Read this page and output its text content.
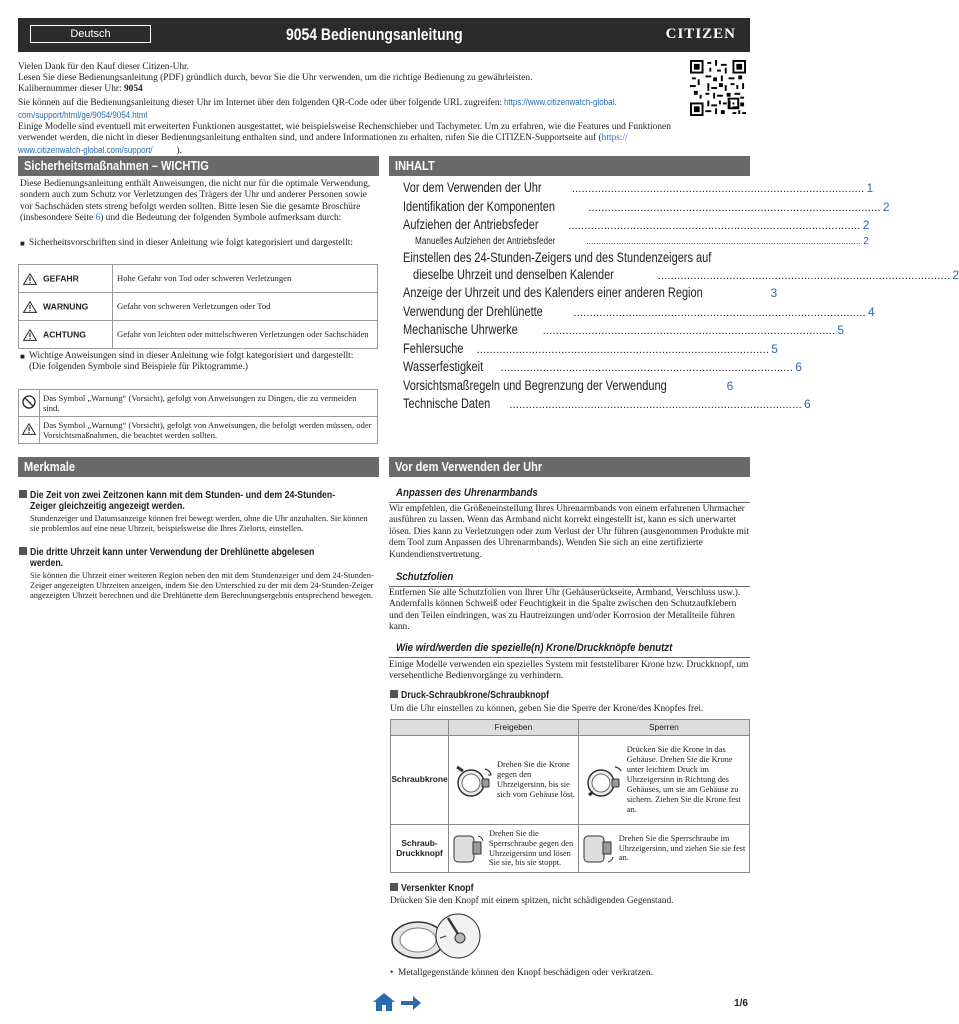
Deutsch	9054 Bedienungsanleitung	CITIZEN
Vielen Dank für den Kauf dieser Citizen-Uhr.
Lesen Sie diese Bedienungsanleitung (PDF) gründlich durch, bevor Sie die Uhr verwenden, um die richtige Bedienung zu gewährleisten.
Kalibernummer dieser Uhr: 9054
Sie können auf die Bedienungsanleitung dieser Uhr im Internet über den folgenden QR-Code oder über folgende URL zugreifen: https://www.citizenwatch-global.
com/support/html/ge/9054/9054.html
Einige Modelle sind eventuell mit erweiterten Funktionen ausgestattet, wie beispielsweise Rechenschieber und Tachymeter. Um zu erfahren, wie die Features und Funktionen verwendet werden, die nicht in dieser Bedienungsanleitung enthalten sind, und andere Informationen zu erhalten, rufen Sie die CITIZEN-Supportseite auf (https://
www.citizenwatch-global.com/support/	).
Sicherheitsmaßnahmen – WICHTIG
Diese Bedienungsanleitung enthält Anweisungen, die nicht nur für die optimale Verwendung, sondern auch zum Schutz vor Verletzungen des Trägers der Uhr und anderer Personen sowie vor Sachschäden stets streng befolgt werden sollten. Bitte lesen Sie die gesamte Broschüre (insbesondere Seite 6) und die Bedeutung der folgenden Symbole aufmerksam durch:
■ Sicherheitsvorschriften sind in dieser Anleitung wie folgt kategorisiert und dargestellt:
GEFAHR	Hohe Gefahr von Tod oder schweren Verletzungen
WARNUNG	Gefahr von schweren Verletzungen oder Tod
ACHTUNG	Gefahr von leichten oder mittelschweren Verletzungen oder Sachschäden
■ Wichtige Anweisungen sind in dieser Anleitung wie folgt kategorisiert und dargestellt:
(Die folgenden Symbole sind Beispiele für Piktogramme.)
	Das Symbol „Warnung“ (Vorsicht), gefolgt von Anweisungen zu Dingen, die zu vermeiden sind.
	Das Symbol „Warnung“ (Vorsicht), gefolgt von Anweisungen, die befolgt werden müssen, oder Vorsichtsmaßnahmen, die beachtet werden sollten.
INHALT
Vor dem Verwenden der Uhr	.......................................................................................... 1
Identifikation der Komponenten	.......................................................................................... 2
Aufziehen der Antriebsfeder	.......................................................................................... 2
Manuelles Aufziehen der Antriebsfeder	.............................................................................................................. 2
Einstellen des 24-Stunden-Zeigers und des Stundenzeigers auf
dieselbe Uhrzeit und denselben Kalender	.......................................................................................... 2
Anzeige der Uhrzeit und des Kalenders einer anderen Region	3
Verwendung der Drehlünette	.......................................................................................... 4
Mechanische Uhrwerke .......................................................................................... 5
Fehlersuche .......................................................................................... 5
Wasserfestigkeit .......................................................................................... 6
Vorsichtsmaßregeln und Begrenzung der Verwendung	6
Technische Daten .......................................................................................... 6
Merkmale
Die Zeit von zwei Zeitzonen kann mit dem Stunden- und dem 24-Stunden-
Zeiger gleichzeitig angezeigt werden.
Stundenzeiger und Datumsanzeige können frei bewegt werden, ohne die Uhr anzuhalten. Sie können sie problemlos auf eine neue Uhrzeit, beispielsweise die Ihres Zielorts, einstellen.
Die dritte Uhrzeit kann unter Verwendung der Drehlünette abgelesen
werden.
Sie können die Uhrzeit einer weiteren Region neben den mit dem Stundenzeiger und dem 24-Stunden-Zeiger angezeigten Uhrzeiten anzeigen, indem Sie den Unterschied zu der mit dem 24-Stunden-Zeiger angezeigten Uhrzeit berechnen und die Drehlünette dem Berechnungsergebnis entsprechend bewegen.
Vor dem Verwenden der Uhr
Anpassen des Uhrenarmbands
Wir empfehlen, die Größeneinstellung Ihres Uhrenarmbands von einem erfahrenen Uhrmacher ausführen zu lassen. Wenn das Armband nicht korrekt eingestellt ist, kann es sich unerwartet lösen. Dies kann zu Verletzungen oder zum Verlust der Uhr führen (ausgenommen Produkte mit dem Tool zum Anpassen des Uhrenarmbands). Wenden Sie sich an eine zertifizierte Kundendienstvertretung.
Schutzfolien
Entfernen Sie alle Schutzfolien von Ihrer Uhr (Gehäuserückseite, Armband, Verschluss usw.). Andernfalls können Schweiß oder Feuchtigkeit in die Spalte zwischen den Schutzaufklebern und den Teilen eindringen, was zu Hautreizungen und/oder Korrosion der Metallteile führen kann.
Wie wird/werden die spezielle(n) Krone/Druckknöpfe benutzt
Einige Modelle verwenden ein spezielles System mit feststellbarer Krone bzw. Druckknopf, um versehentliche Bedienvorgänge zu verhindern.
Druck-Schraubkrone/Schraubknopf
Um die Uhr einstellen zu können, geben Sie die Sperre der Krone/des Knopfes frei.
	Freigeben	Sperren
Schraubkrone	Drehen Sie die Krone gegen den Uhrzeigersinn, bis sie sich vom Gehäuse löst.	Drücken Sie die Krone in das Gehäuse. Drehen Sie die Krone unter leichtem Druck im Uhrzeigersinn in Richtung des Gehäuses, um sie am Gehäuse zu sichern. Ziehen Sie die Krone fest an.

Schraub-
Druckknopf	Drehen Sie die Sperrschraube gegen den Uhrzeigersinn und lösen Sie sie, bis sie stoppt.	Drehen Sie die Sperrschraube im Uhrzeigersinn, und ziehen Sie sie fest an.
Versenkter Knopf
Drücken Sie den Knopf mit einem spitzen, nicht schädigenden Gegenstand.
• Metallgegenstände können den Knopf beschädigen oder verkratzen.
1/6
